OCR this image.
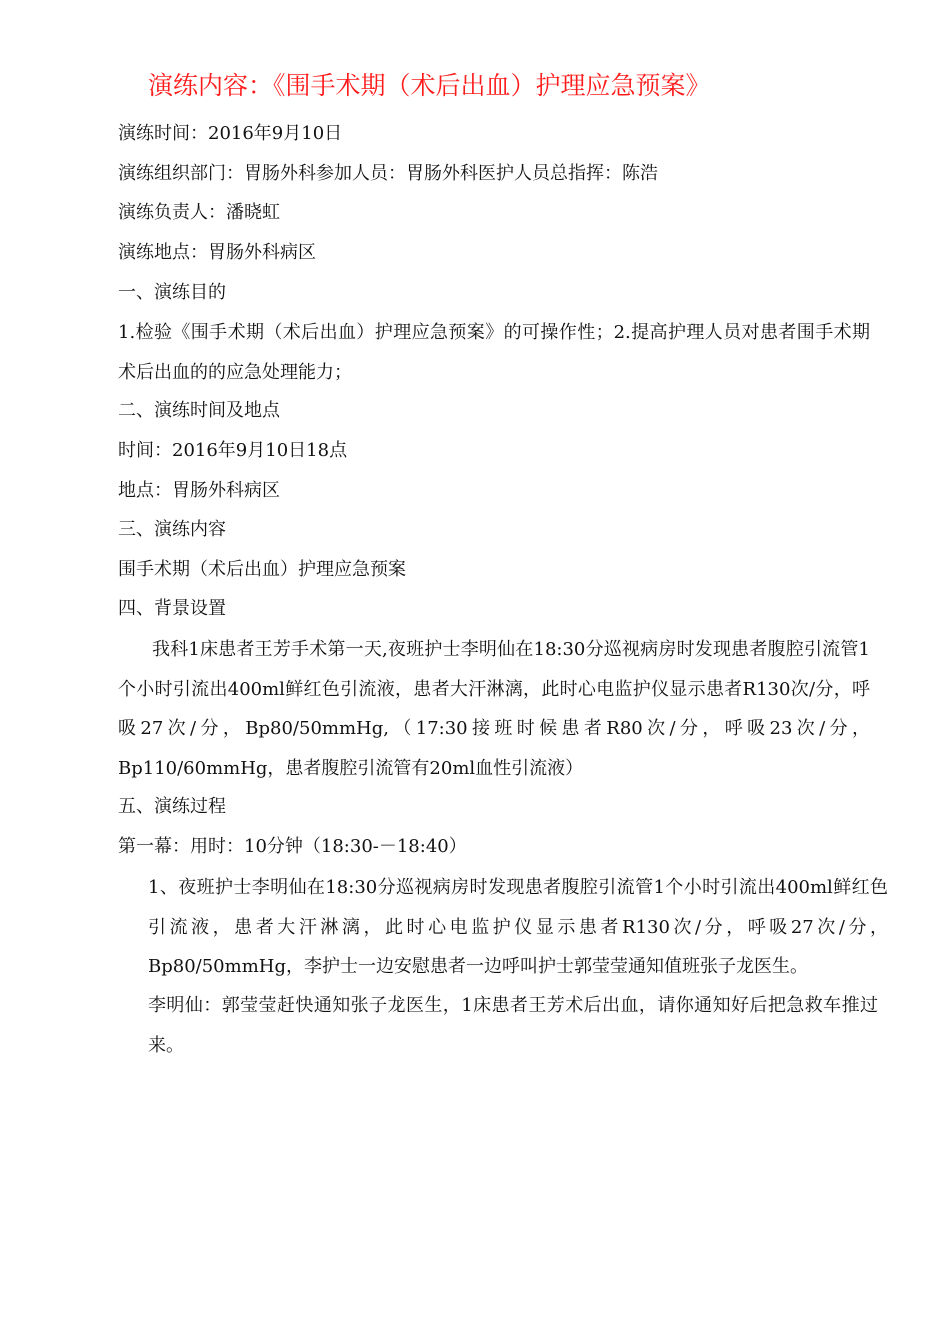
演练内容：《围手术期（术后出血）护理应急预案》
演练时间：2016年9月10日
演练组织部门：胃肠外科参加人员：胃肠外科医护人员总指挥：陈浩
演练负责人：潘晓虹
演练地点：胃肠外科病区
一、演练目的
1.检验《围手术期（术后出血）护理应急预案》的可操作性；2.提高护理人员对患者围手术期术后出血的的应急处理能力；
二、演练时间及地点
时间：2016年9月10日18点
地点：胃肠外科病区
三、演练内容
围手术期（术后出血）护理应急预案
四、背景设置
我科1床患者王芳手术第一天,夜班护士李明仙在18:30分巡视病房时发现患者腹腔引流管1个小时引流出400ml鲜红色引流液，患者大汗淋漓，此时心电监护仪显示患者R130次/分，呼吸27次/分，Bp80/50mmHg,（17:30接班时候患者R80次/分，呼吸23次/分，Bp110/60mmHg，患者腹腔引流管有20ml血性引流液）
五、演练过程
第一幕：用时：10分钟（18:30-－18:40）
1、夜班护士李明仙在18:30分巡视病房时发现患者腹腔引流管1个小时引流出400ml鲜红色引流液，患者大汗淋漓，此时心电监护仪显示患者R130次/分，呼吸27次/分，Bp80/50mmHg，李护士一边安慰患者一边呼叫护士郭莹莹通知值班张子龙医生。
李明仙：郭莹莹赶快通知张子龙医生，1床患者王芳术后出血，请你通知好后把急救车推过来。
